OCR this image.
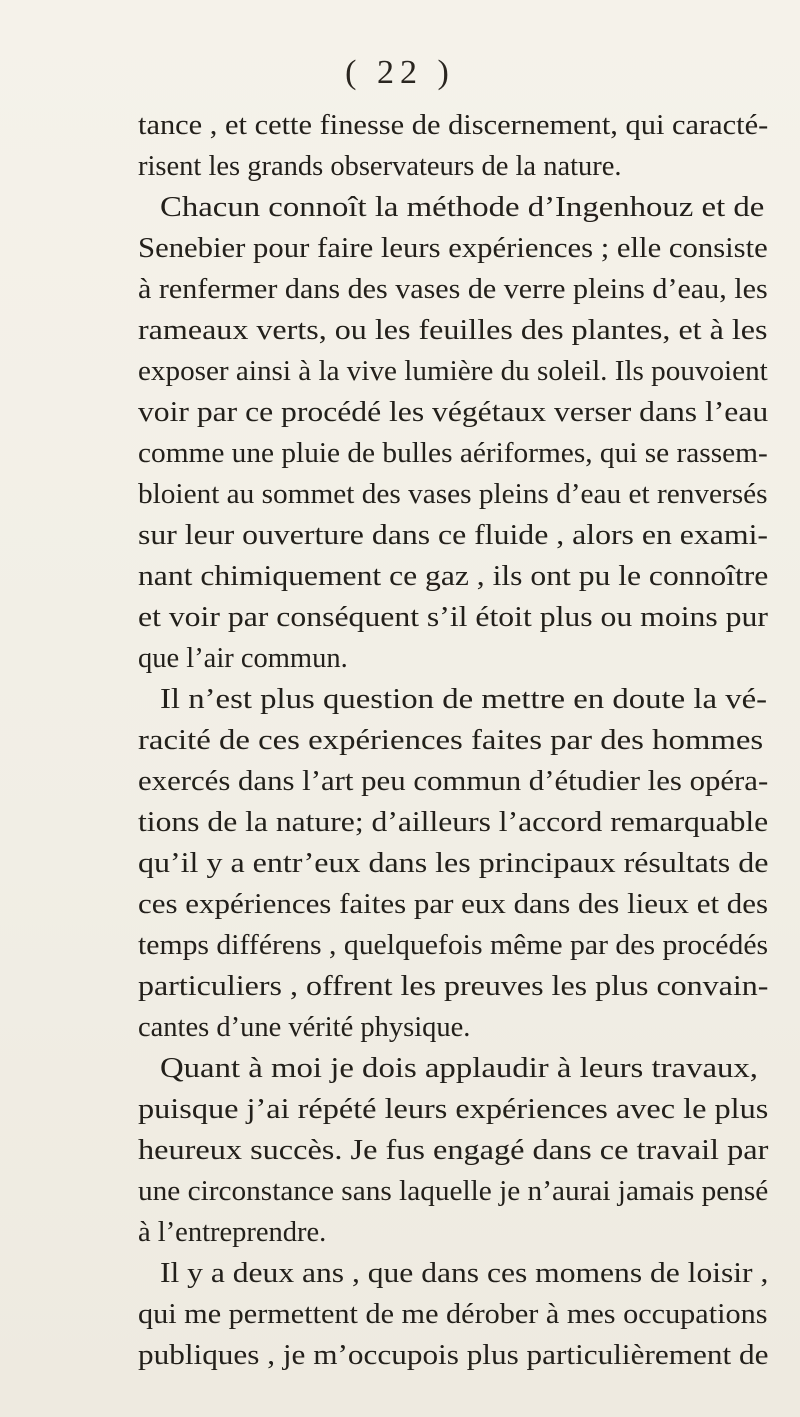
( 22 )
tance , et cette finesse de discernement, qui caracté-
risent les grands observateurs de la nature.
Chacun connoît la méthode d’Ingenhouz et de
Senebier pour faire leurs expériences ; elle consiste
à renfermer dans des vases de verre pleins d’eau, les
rameaux verts, ou les feuilles des plantes, et à les
exposer ainsi à la vive lumière du soleil. Ils pouvoient
voir par ce procédé les végétaux verser dans l’eau
comme une pluie de bulles aériformes, qui se rassem-
bloient au sommet des vases pleins d’eau et renversés
sur leur ouverture dans ce fluide , alors en exami-
nant chimiquement ce gaz , ils ont pu le connoître
et voir par conséquent s’il étoit plus ou moins pur
que l’air commun.
Il n’est plus question de mettre en doute la vé-
racité de ces expériences faites par des hommes
exercés dans l’art peu commun d’étudier les opéra-
tions de la nature; d’ailleurs l’accord remarquable
qu’il y a entr’eux dans les principaux résultats de
ces expériences faites par eux dans des lieux et des
temps différens , quelquefois même par des procédés
particuliers , offrent les preuves les plus convain-
cantes d’une vérité physique.
Quant à moi je dois applaudir à leurs travaux,
puisque j’ai répété leurs expériences avec le plus
heureux succès. Je fus engagé dans ce travail par
une circonstance sans laquelle je n’aurai jamais pensé
à l’entreprendre.
Il y a deux ans , que dans ces momens de loisir ,
qui me permettent de me dérober à mes occupations
publiques , je m’occupois plus particulièrement de
